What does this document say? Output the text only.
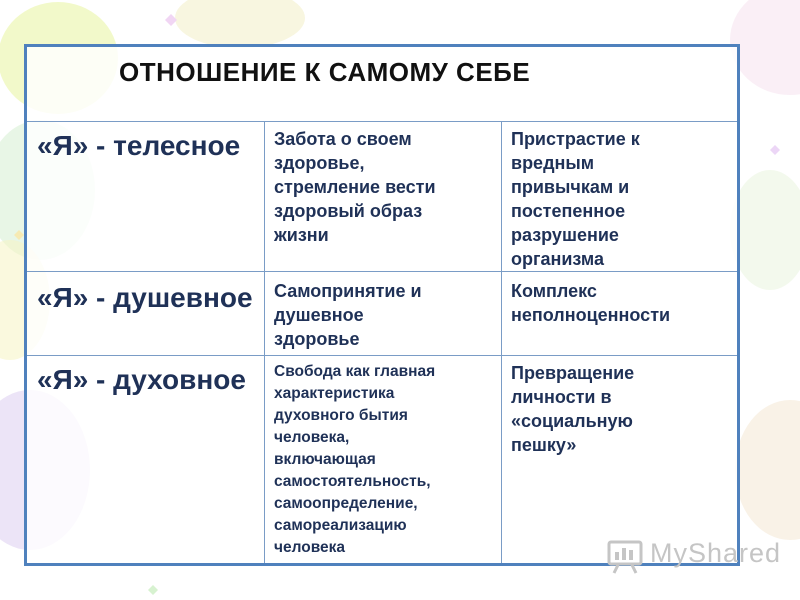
ОТНОШЕНИЕ К САМОМУ СЕБЕ
«Я» - телесное	Забота о своем
здоровье,
стремление вести
здоровый образ
жизни
Пристрастие к
вредным
привычкам и
постепенное
разрушение
организма
«Я» - душевное Самопринятие и
душевное
здоровье
Комплекс
неполноценности
«Я» - духовное	Свобода как главная
характеристика
духовного бытия
человека,
включающая
самостоятельность,
самоопределение,
самореализацию
человека
Превращение
личности в
«социальную
пешку»
MyShared
